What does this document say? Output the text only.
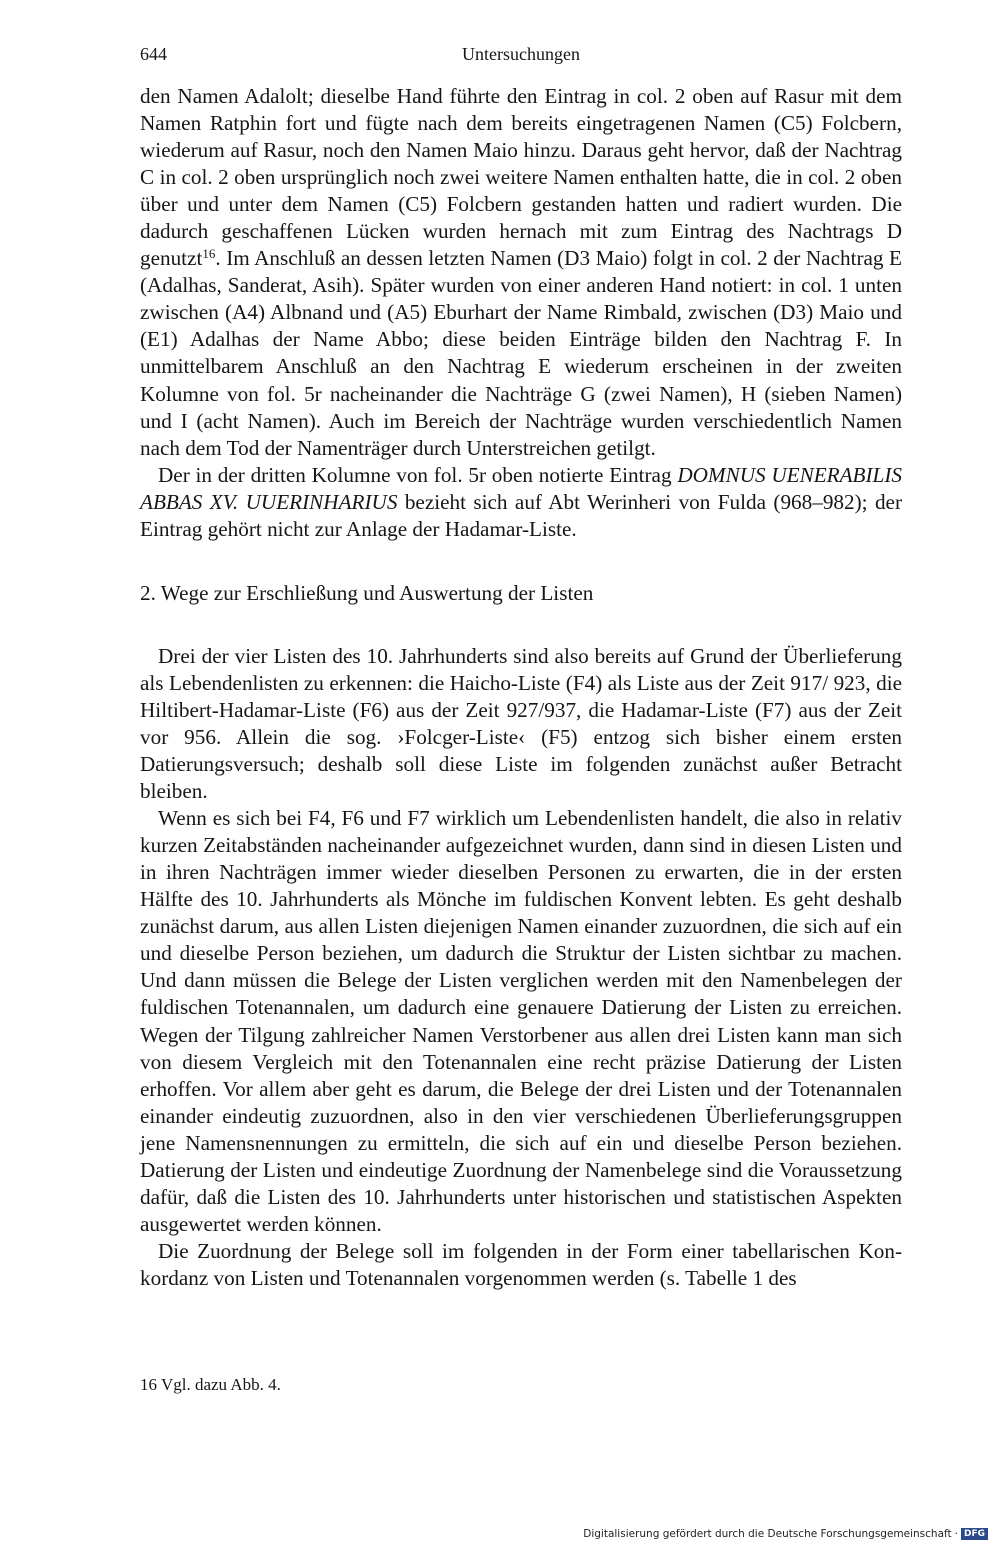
644	Untersuchungen

den Namen Adalolt; dieselbe Hand führte den Eintrag in col. 2 oben auf Rasur mit dem Namen Ratphin fort und fügte nach dem bereits eingetragenen Namen (C5) Folcbern, wiederum auf Rasur, noch den Namen Maio hinzu. Daraus geht hervor, daß der Nachtrag C in col. 2 oben ursprünglich noch zwei weitere Namen enthalten hatte, die in col. 2 oben über und unter dem Namen (C5) Folcbern gestanden hatten und radiert wurden. Die dadurch geschaffenen Lücken wurden hernach mit zum Eintrag des Nachtrags D genutzt$^{16}$. Im Anschluß an dessen letzten Namen (D3 Maio) folgt in col. 2 der Nachtrag E (Adalhas, Sanderat, Asih). Später wurden von einer anderen Hand notiert: in col. 1 unten zwischen (A4) Albnand und (A5) Eburhart der Name Rimbald, zwischen (D3) Maio und (E1) Adalhas der Name Abbo; diese beiden Einträge bilden den Nachtrag F. In unmittelbarem Anschluß an den Nachtrag E wiederum erscheinen in der zweiten Kolumne von fol. 5r nacheinander die Nachträge G (zwei Namen), H (sieben Namen) und I (acht Namen). Auch im Bereich der Nachträge wurden verschiedentlich Namen nach dem Tod der Namenträger durch Unterstreichen getilgt.

Der in der dritten Kolumne von fol. 5r oben notierte Eintrag DOMNUS UENERABILIS ABBAS XV. UUERINHARIUS bezieht sich auf Abt Werinheri von Fulda (968–982); der Eintrag gehört nicht zur Anlage der Hadamar-Liste.

2. Wege zur Erschließung und Auswertung der Listen

Drei der vier Listen des 10. Jahrhunderts sind also bereits auf Grund der Überlieferung als Lebendenlisten zu erkennen: die Haicho-Liste (F4) als Liste aus der Zeit 917/ 923, die Hiltibert-Hadamar-Liste (F6) aus der Zeit 927/937, die Hadamar-Liste (F7) aus der Zeit vor 956. Allein die sog. ›Folcger-Liste‹ (F5) entzog sich bisher einem ersten Datierungsversuch; deshalb soll diese Liste im folgenden zunächst außer Betracht bleiben.

Wenn es sich bei F4, F6 und F7 wirklich um Lebendenlisten handelt, die also in relativ kurzen Zeitabständen nacheinander aufgezeichnet wurden, dann sind in diesen Listen und in ihren Nachträgen immer wieder dieselben Personen zu erwarten, die in der ersten Hälfte des 10. Jahrhunderts als Mönche im fuldischen Konvent lebten. Es geht deshalb zunächst darum, aus allen Listen diejenigen Namen einander zuzuordnen, die sich auf ein und dieselbe Person beziehen, um dadurch die Struktur der Listen sichtbar zu machen. Und dann müssen die Belege der Listen verglichen werden mit den Namenbelegen der fuldischen Totenannalen, um dadurch eine genauere Datierung der Listen zu erreichen. Wegen der Tilgung zahlreicher Namen Verstorbener aus allen drei Listen kann man sich von diesem Vergleich mit den Totenannalen eine recht präzise Datierung der Listen erhoffen. Vor allem aber geht es darum, die Belege der drei Listen und der Totenannalen einander eindeutig zuzuordnen, also in den vier verschiedenen Überlieferungsgruppen jene Namensnennungen zu ermitteln, die sich auf ein und dieselbe Person beziehen. Datierung der Listen und eindeutige Zuordnung der Namenbelege sind die Voraussetzung dafür, daß die Listen des 10. Jahrhunderts unter historischen und statistischen Aspekten ausgewertet werden können.

Die Zuordnung der Belege soll im folgenden in der Form einer tabellarischen Konkordanz von Listen und Totenannalen vorgenommen werden (s. Tabelle 1 des

16 Vgl. dazu Abb. 4.
Digitalisierung gefördert durch die Deutsche Forschungsgemeinschaft · DFG
